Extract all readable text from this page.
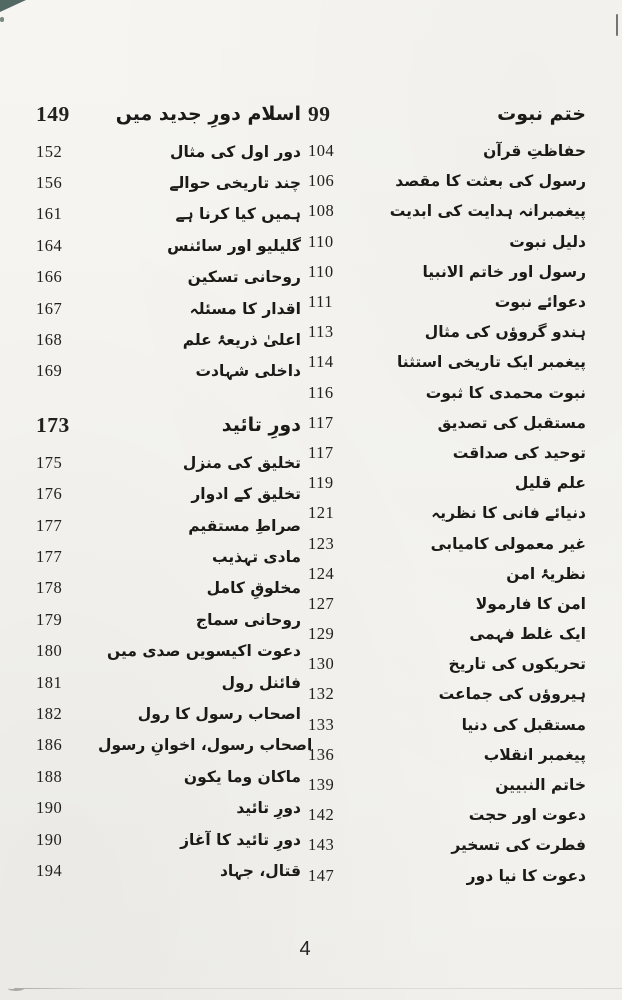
99	ختم نبوت
104	حفاظتِ قرآن
106	رسول کی بعثت کا مقصد
108	پیغمبرانہ ہدایت کی ابدیت
110	دلیل نبوت
110	رسول اور خاتم الانبیا
111	دعوائے نبوت
113	ہندو گروؤں کی مثال
114	پیغمبر ایک تاریخی استثنا
116	نبوت محمدی کا ثبوت
117	مستقبل کی تصدیق
117	توحید کی صداقت
119	علم قلیل
121	دنیائے فانی کا نظریہ
123	غیر معمولی کامیابی
124	نظریۂ امن
127	امن کا فارمولا
129	ایک غلط فہمی
130	تحریکوں کی تاریخ
132	ہیروؤں کی جماعت
133	مستقبل کی دنیا
136	پیغمبر انقلاب
139	خاتم النبیین
142	دعوت اور حجت
143	فطرت کی تسخیر
147	دعوت کا نیا دور
149	اسلام دورِ جدید میں
152	دور اول کی مثال
156	چند تاریخی حوالے
161	ہمیں کیا کرنا ہے
164	گلیلیو اور سائنس
166	روحانی تسکین
167	اقدار کا مسئلہ
168	اعلیٰ ذریعۂ علم
169	داخلی شہادت
173	دورِ تائید
175	تخلیق کی منزل
176	تخلیق کے ادوار
177	صراطِ مستقیم
177	مادی تہذیب
178	مخلوقِ کامل
179	روحانی سماج
180	دعوت اکیسویں صدی میں
181	فائنل رول
182	اصحاب رسول کا رول
186	اصحاب رسول، اخوانِ رسول
188	ماکان وما یکون
190	دورِ تائید
190	دورِ تائید کا آغاز
194	قتال، جہاد
4
